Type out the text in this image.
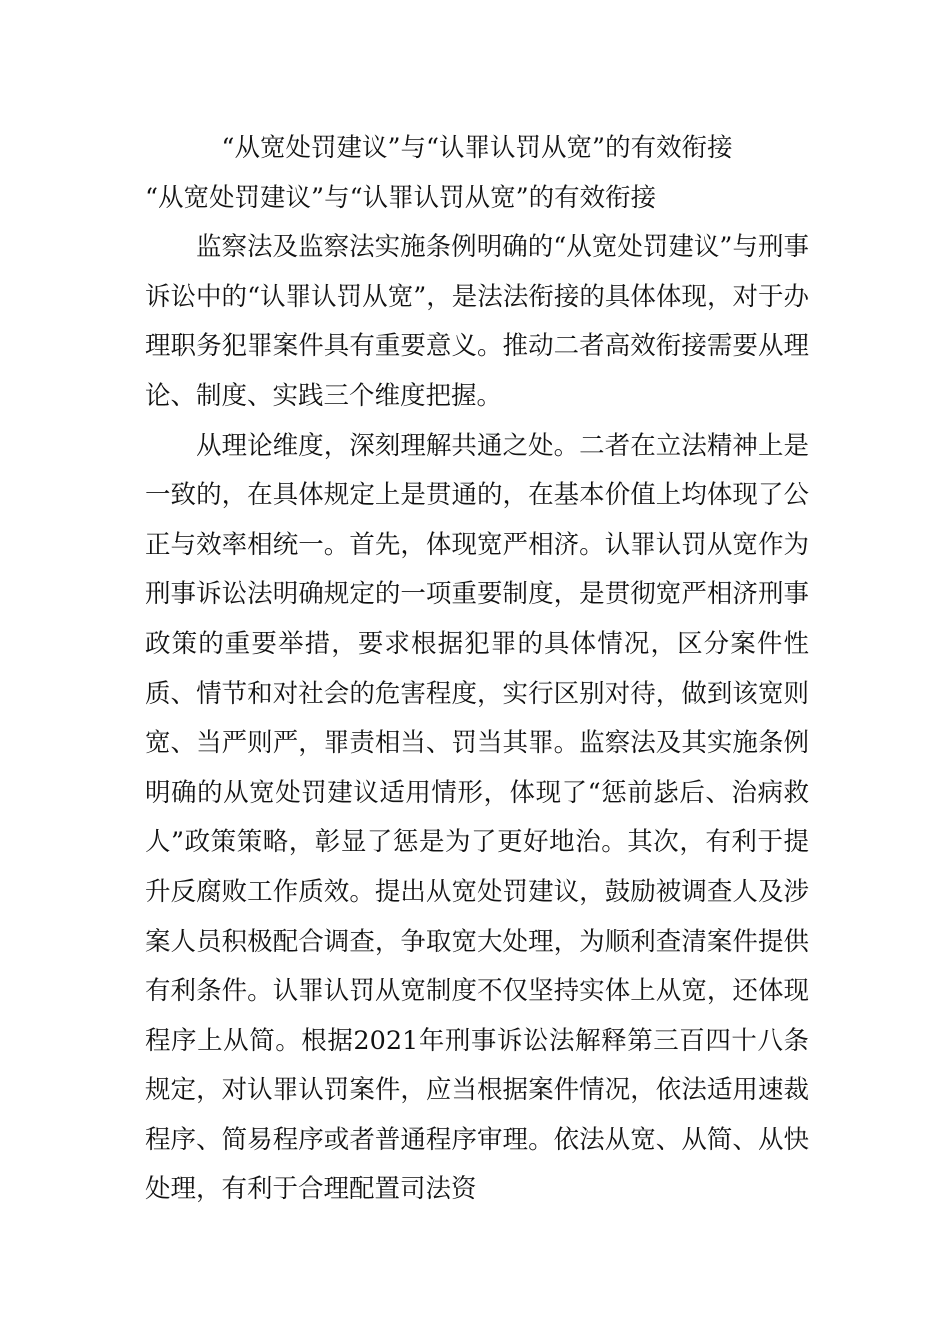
“从宽处罚建议”与“认罪认罚从宽”的有效衔接

“从宽处罚建议”与“认罪认罚从宽”的有效衔接

监察法及监察法实施条例明确的“从宽处罚建议”与刑事诉讼中的“认罪认罚从宽”，是法法衔接的具体体现，对于办理职务犯罪案件具有重要意义。推动二者高效衔接需要从理论、制度、实践三个维度把握。

从理论维度，深刻理解共通之处。二者在立法精神上是一致的，在具体规定上是贯通的，在基本价值上均体现了公正与效率相统一。首先，体现宽严相济。认罪认罚从宽作为刑事诉讼法明确规定的一项重要制度，是贯彻宽严相济刑事政策的重要举措，要求根据犯罪的具体情况，区分案件性质、情节和对社会的危害程度，实行区别对待，做到该宽则宽、当严则严，罪责相当、罚当其罪。监察法及其实施条例明确的从宽处罚建议适用情形，体现了“惩前毖后、治病救人”政策策略，彰显了惩是为了更好地治。其次，有利于提升反腐败工作质效。提出从宽处罚建议，鼓励被调查人及涉案人员积极配合调查，争取宽大处理，为顺利查清案件提供有利条件。认罪认罚从宽制度不仅坚持实体上从宽，还体现程序上从简。根据2021年刑事诉讼法解释第三百四十八条规定，对认罪认罚案件，应当根据案件情况，依法适用速裁程序、简易程序或者普通程序审理。依法从宽、从简、从快处理，有利于合理配置司法资
